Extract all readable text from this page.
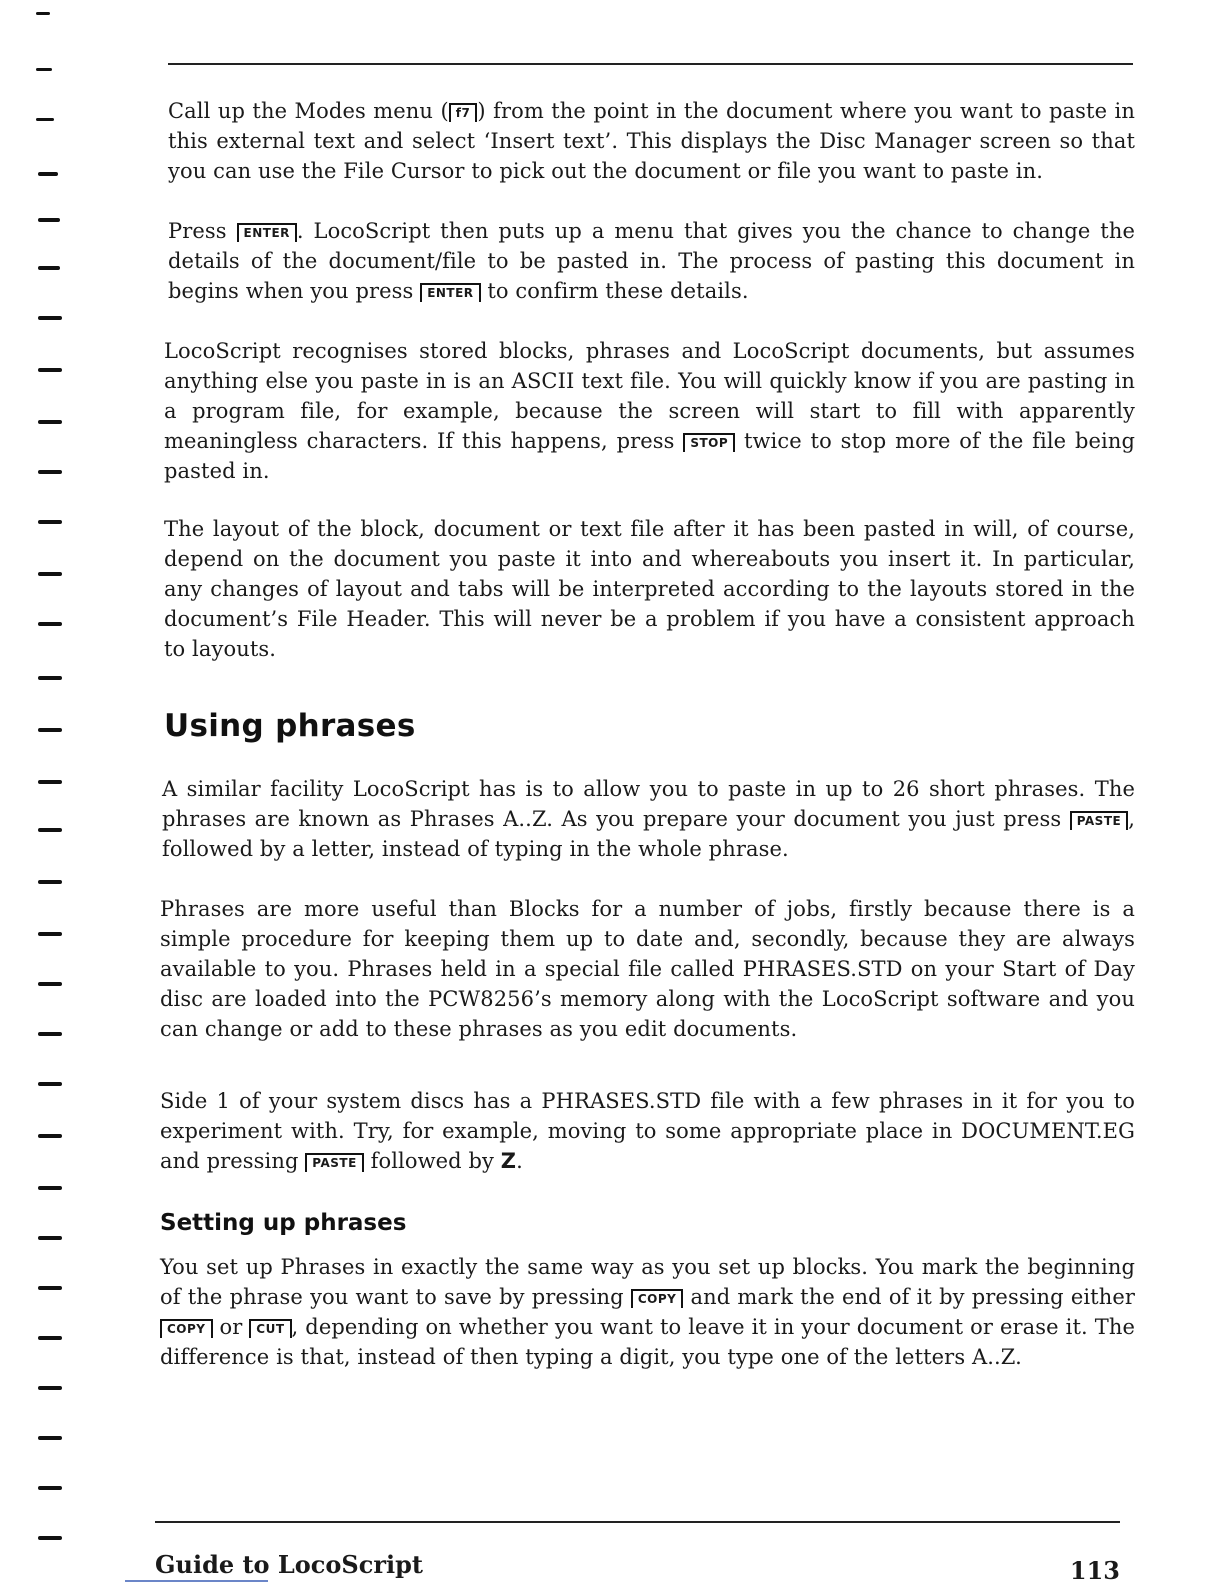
Call up the Modes menu ( f7 ) from the point in the document where you want to paste in this external text and select ‘Insert text’. This displays the Disc Manager screen so that you can use the File Cursor to pick out the document or file you want to paste in.

Press ENTER . LocoScript then puts up a menu that gives you the chance to change the details of the document/file to be pasted in. The process of pasting this document in begins when you press ENTER to confirm these details.

LocoScript recognises stored blocks, phrases and LocoScript documents, but assumes anything else you paste in is an ASCII text file. You will quickly know if you are pasting in a program file, for example, because the screen will start to fill with apparently meaningless characters. If this happens, press STOP twice to stop more of the file being pasted in.

The layout of the block, document or text file after it has been pasted in will, of course, depend on the document you paste it into and whereabouts you insert it. In particular, any changes of layout and tabs will be interpreted according to the layouts stored in the document’s File Header. This will never be a problem if you have a consistent approach to layouts.

Using phrases

A similar facility LocoScript has is to allow you to paste in up to 26 short phrases. The phrases are known as Phrases A..Z. As you prepare your document you just press PASTE , followed by a letter, instead of typing in the whole phrase.

Phrases are more useful than Blocks for a number of jobs, firstly because there is a simple procedure for keeping them up to date and, secondly, because they are always available to you. Phrases held in a special file called PHRASES.STD on your Start of Day disc are loaded into the PCW8256’s memory along with the LocoScript software and you can change or add to these phrases as you edit documents.

Side 1 of your system discs has a PHRASES.STD file with a few phrases in it for you to experiment with. Try, for example, moving to some appropriate place in DOCUMENT.EG and pressing PASTE followed by Z.

Setting up phrases

You set up Phrases in exactly the same way as you set up blocks. You mark the beginning of the phrase you want to save by pressing COPY and mark the end of it by pressing either COPY or CUT , depending on whether you want to leave it in your document or erase it. The difference is that, instead of then typing a digit, you type one of the letters A..Z.

Guide to LocoScript	113
